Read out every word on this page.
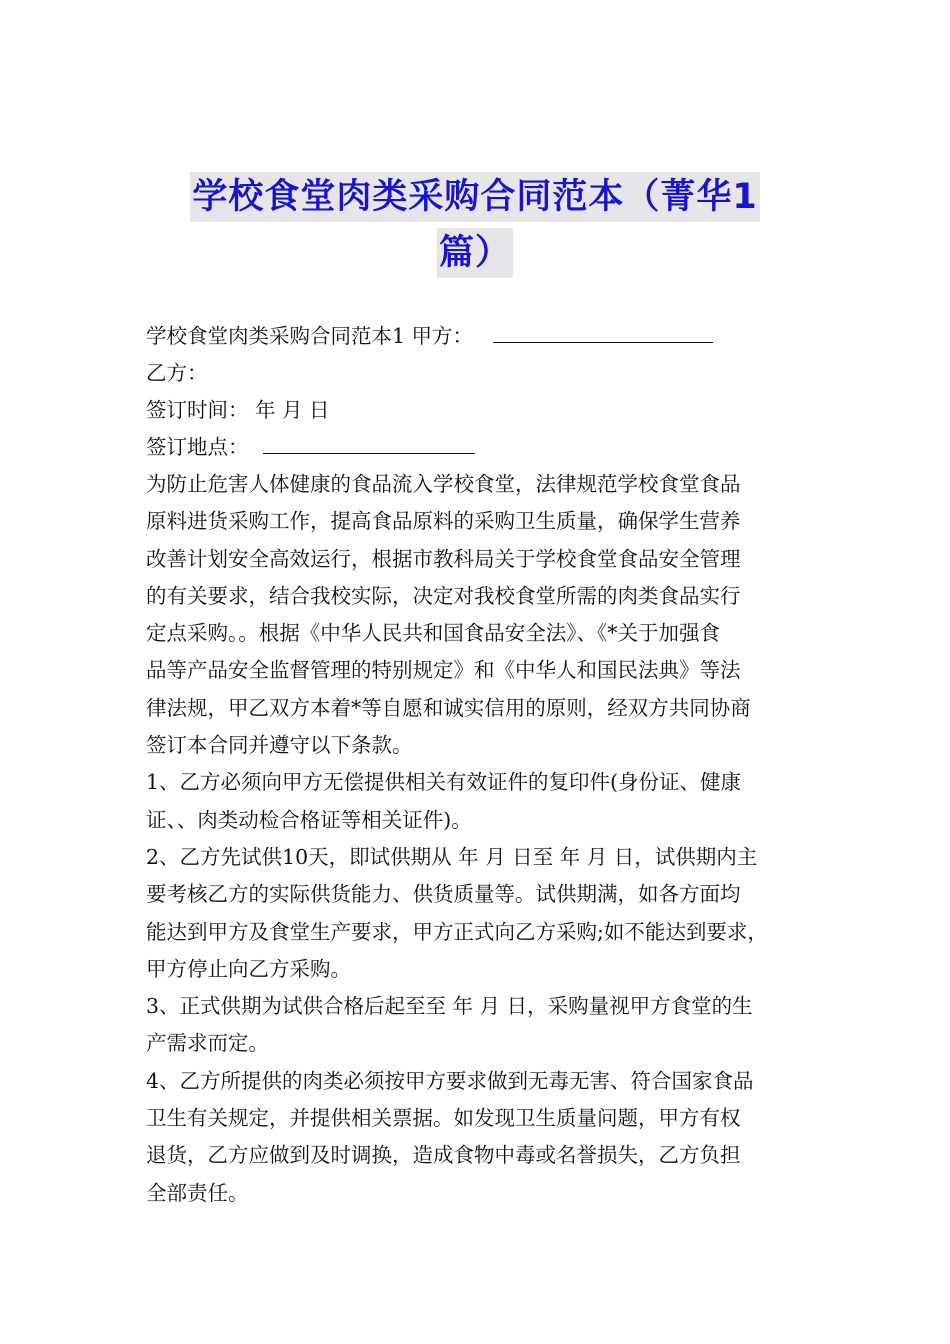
学校食堂肉类采购合同范本（菁华1
篇）
学校食堂肉类采购合同范本1 甲方：
乙方：
签订时间： 年 月 日
签订地点：
为防止危害人体健康的食品流入学校食堂，法律规范学校食堂食品
原料进货采购工作，提高食品原料的采购卫生质量，确保学生营养
改善计划安全高效运行，根据市教科局关于学校食堂食品安全管理
的有关要求，结合我校实际，决定对我校食堂所需的肉类食品实行
定点采购。。根据《中华人民共和国食品安全法》、《*关于加强食
品等产品安全监督管理的特别规定》和《中华人和国民法典》等法
律法规，甲乙双方本着*等自愿和诚实信用的原则，经双方共同协商
签订本合同并遵守以下条款。
1、乙方必须向甲方无偿提供相关有效证件的复印件(身份证、健康
证、、肉类动检合格证等相关证件)。
2、乙方先试供10天，即试供期从 年 月 日至 年 月 日，试供期内主
要考核乙方的实际供货能力、供货质量等。试供期满，如各方面均
能达到甲方及食堂生产要求，甲方正式向乙方采购;如不能达到要求，
甲方停止向乙方采购。
3、正式供期为试供合格后起至至 年 月 日，采购量视甲方食堂的生
产需求而定。
4、乙方所提供的肉类必须按甲方要求做到无毒无害、符合国家食品
卫生有关规定，并提供相关票据。如发现卫生质量问题，甲方有权
退货，乙方应做到及时调换，造成食物中毒或名誉损失，乙方负担
全部责任。
